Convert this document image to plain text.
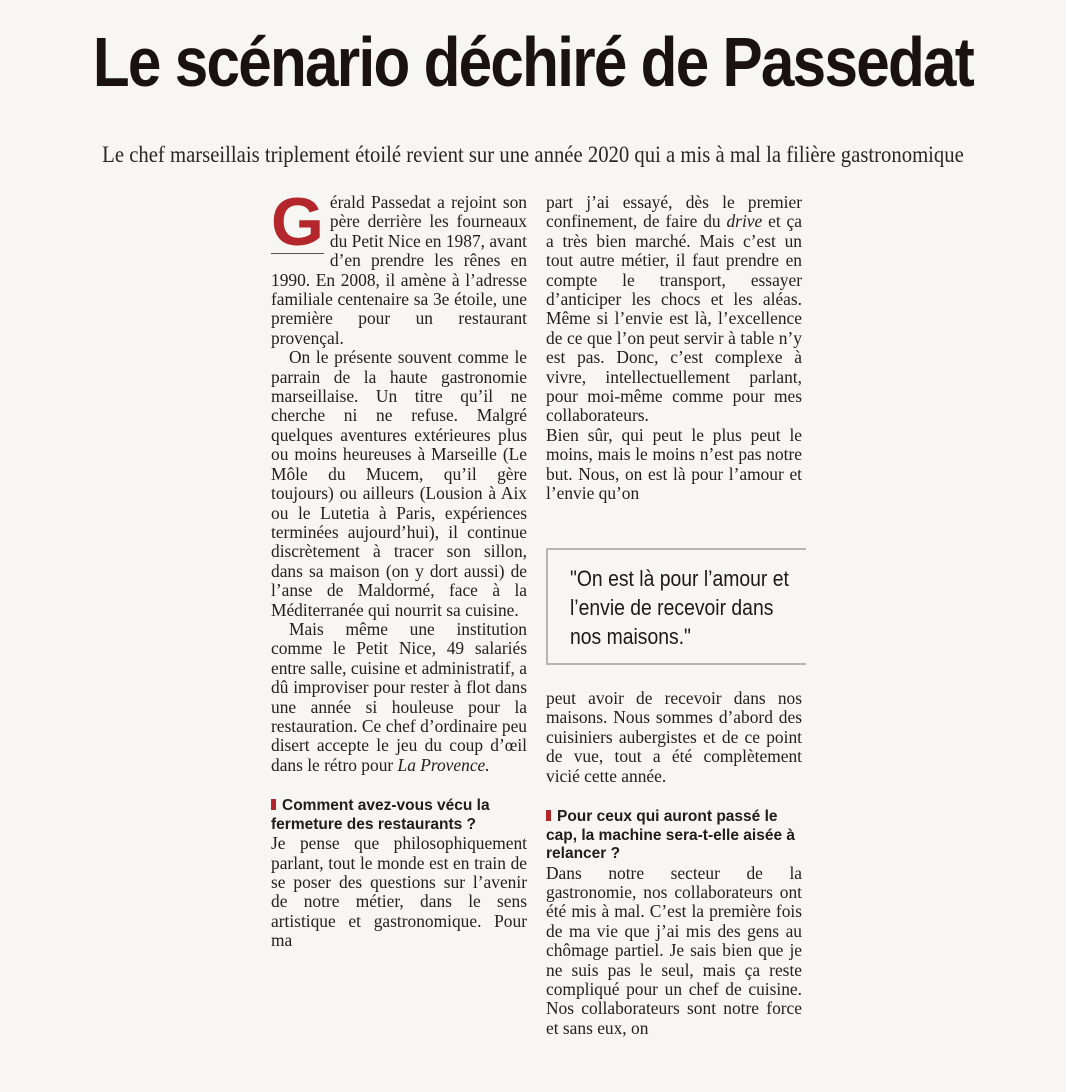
Le scénario déchiré de Passedat
Le chef marseillais triplement étoilé revient sur une année 2020 qui a mis à mal la filière gastronomique

G érald Passedat a rejoint son père derrière les fourneaux du Petit Nice en 1987, avant d’en prendre les rênes en 1990. En 2008, il amène à l’adresse familiale centenaire sa 3e étoile, une première pour un restaurant provençal.

On le présente souvent comme le parrain de la haute gastronomie marseillaise. Un titre qu’il ne cherche ni ne refuse. Malgré quelques aventures extérieures plus ou moins heureuses à Marseille (Le Môle du Mucem, qu’il gère toujours) ou ailleurs (Lousion à Aix ou le Lutetia à Paris, expériences terminées aujourd’hui), il continue discrètement à tracer son sillon, dans sa maison (on y dort aussi) de l’anse de Maldormé, face à la Méditerranée qui nourrit sa cuisine.

Mais même une institution comme le Petit Nice, 49 salariés entre salle, cuisine et administratif, a dû improviser pour rester à flot dans une année si houleuse pour la restauration. Ce chef d’ordinaire peu disert accepte le jeu du coup d’œil dans le rétro pour La Provence.

Comment avez-vous vécu la fermeture des restaurants ?

Je pense que philosophiquement parlant, tout le monde est en train de se poser des questions sur l’avenir de notre métier, dans le sens artistique et gastronomique. Pour ma

part j’ai essayé, dès le premier confinement, de faire du drive et ça a très bien marché. Mais c’est un tout autre métier, il faut prendre en compte le transport, essayer d’anticiper les chocs et les aléas. Même si l’envie est là, l’excellence de ce que l’on peut servir à table n’y est pas. Donc, c’est complexe à vivre, intellectuellement parlant, pour moi-même comme pour mes collaborateurs.

Bien sûr, qui peut le plus peut le moins, mais le moins n’est pas notre but. Nous, on est là pour l’amour et l’envie qu’on

"On est là pour l’amour et l’envie de recevoir dans nos maisons."

peut avoir de recevoir dans nos maisons. Nous sommes d’abord des cuisiniers aubergistes et de ce point de vue, tout a été complètement vicié cette année.

Pour ceux qui auront passé le cap, la machine sera-t-elle aisée à relancer ?

Dans notre secteur de la gastronomie, nos collaborateurs ont été mis à mal. C’est la première fois de ma vie que j’ai mis des gens au chômage partiel. Je sais bien que je ne suis pas le seul, mais ça reste compliqué pour un chef de cuisine. Nos collaborateurs sont notre force et sans eux, on
